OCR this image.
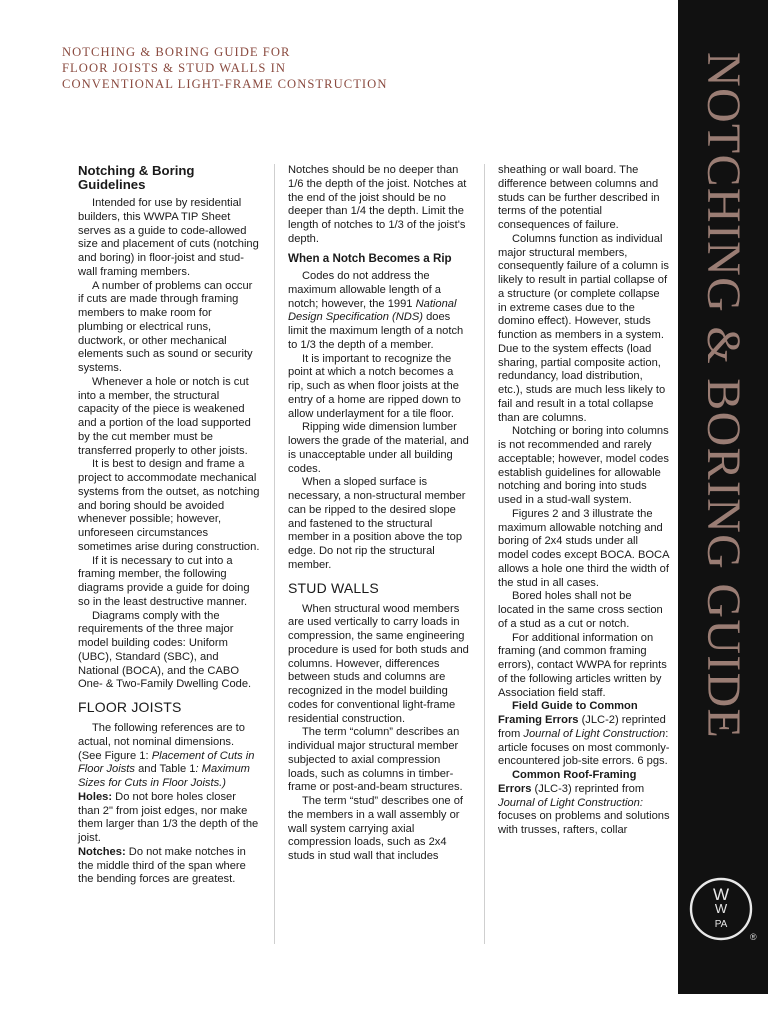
NOTCHING & BORING GUIDE FOR
FLOOR JOISTS & STUD WALLS IN
CONVENTIONAL LIGHT-FRAME CONSTRUCTION
Notching & Boring Guidelines

Intended for use by residential builders, this WWPA TIP Sheet serves as a guide to code-allowed size and placement of cuts (notching and boring) in floor-joist and stud-wall framing members.

A number of problems can occur if cuts are made through framing members to make room for plumbing or electrical runs, ductwork, or other mechanical elements such as sound or security systems.

Whenever a hole or notch is cut into a member, the structural capacity of the piece is weakened and a portion of the load supported by the cut member must be transferred properly to other joists.

It is best to design and frame a project to accommodate mechanical systems from the outset, as notching and boring should be avoided whenever possible; however, unforeseen circumstances sometimes arise during construction.

If it is necessary to cut into a framing member, the following diagrams provide a guide for doing so in the least destructive manner.

Diagrams comply with the requirements of the three major model building codes: Uniform (UBC), Standard (SBC), and National (BOCA), and the CABO One- & Two-Family Dwelling Code.

FLOOR JOISTS

The following references are to actual, not nominal dimensions. (See Figure 1: Placement of Cuts in Floor Joists and Table 1: Maximum Sizes for Cuts in Floor Joists.)

Holes: Do not bore holes closer than 2" from joist edges, nor make them larger than 1/3 the depth of the joist.

Notches: Do not make notches in the middle third of the span where the bending forces are greatest.

Notches should be no deeper than 1/6 the depth of the joist. Notches at the end of the joist should be no deeper than 1/4 the depth. Limit the length of notches to 1/3 of the joist's depth.

When a Notch Becomes a Rip

Codes do not address the maximum allowable length of a notch; however, the 1991 National Design Specification (NDS) does limit the maximum length of a notch to 1/3 the depth of a member.

It is important to recognize the point at which a notch becomes a rip, such as when floor joists at the entry of a home are ripped down to allow underlayment for a tile floor.

Ripping wide dimension lumber lowers the grade of the material, and is unacceptable under all building codes.

When a sloped surface is necessary, a non-structural member can be ripped to the desired slope and fastened to the structural member in a position above the top edge. Do not rip the structural member.

STUD WALLS

When structural wood members are used vertically to carry loads in compression, the same engineering procedure is used for both studs and columns. However, differences between studs and columns are recognized in the model building codes for conventional light-frame residential construction.

The term “column” describes an individual major structural member subjected to axial compression loads, such as columns in timber-frame or post-and-beam structures.

The term “stud” describes one of the members in a wall assembly or wall system carrying axial compression loads, such as 2x4 studs in stud wall that includes

sheathing or wall board. The difference between columns and studs can be further described in terms of the potential consequences of failure.

Columns function as individual major structural members, consequently failure of a column is likely to result in partial collapse of a structure (or complete collapse in extreme cases due to the domino effect). However, studs function as members in a system. Due to the system effects (load sharing, partial composite action, redundancy, load distribution, etc.), studs are much less likely to fail and result in a total collapse than are columns.

Notching or boring into columns is not recommended and rarely acceptable; however, model codes establish guidelines for allowable notching and boring into studs used in a stud-wall system.

Figures 2 and 3 illustrate the maximum allowable notching and boring of 2x4 studs under all model codes except BOCA. BOCA allows a hole one third the width of the stud in all cases.

Bored holes shall not be located in the same cross section of a stud as a cut or notch.

For additional information on framing (and common framing errors), contact WWPA for reprints of the following articles written by Association field staff.

Field Guide to Common Framing Errors (JLC-2) reprinted from Journal of Light Construction: article focuses on most commonly-encountered job-site errors. 6 pgs.

Common Roof-Framing Errors (JLC-3) reprinted from Journal of Light Construction: focuses on problems and solutions with trusses, rafters, collar

NOTCHING & BORING GUIDE
W
W
PA
®
